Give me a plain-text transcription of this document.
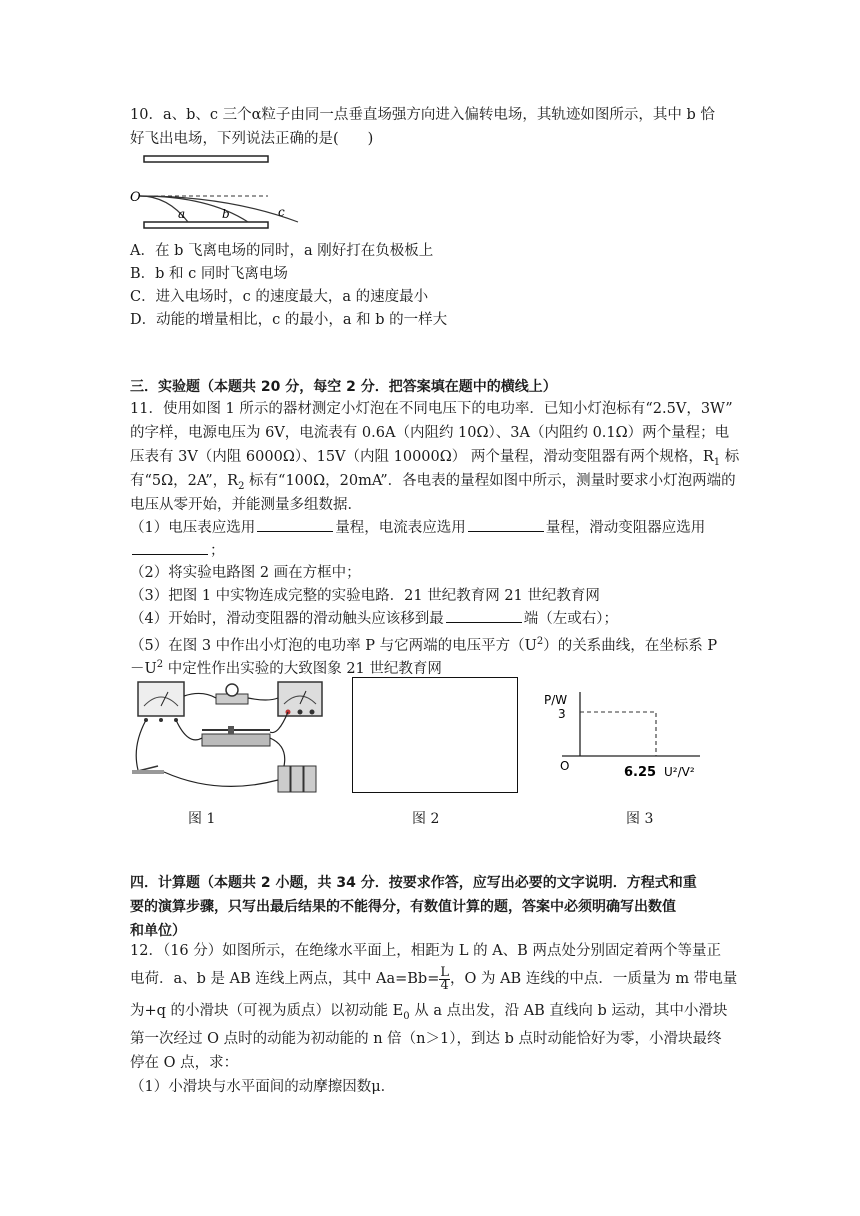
10．a、b、c 三个α粒子由同一点垂直场强方向进入偏转电场，其轨迹如图所示，其中 b 恰
好飞出电场，下列说法正确的是(　　)
O
a	b	c
A．在 b 飞离电场的同时，a 刚好打在负极板上
B．b 和 c 同时飞离电场
C．进入电场时，c 的速度最大，a 的速度最小
D．动能的增量相比，c 的最小，a 和 b 的一样大
三．实验题（本题共 20 分，每空 2 分．把答案填在题中的横线上）
11．使用如图 1 所示的器材测定小灯泡在不同电压下的电功率．已知小灯泡标有“2.5V，3W”
的字样，电源电压为 6V，电流表有 0.6A（内阻约 10Ω）、3A（内阻约 0.1Ω）两个量程；电
压表有 3V（内阻 6000Ω）、15V（内阻 10000Ω） 两个量程，滑动变阻器有两个规格，$R_1$ 标
有“5Ω，2A”，$R_2$ 标有“100Ω，20mA”．各电表的量程如图中所示，测量时要求小灯泡两端的
电压从零开始，并能测量多组数据．
（1）电压表应选用	量程，电流表应选用	量程，滑动变阻器应选用
；
（2）将实验电路图 2 画在方框中；
（3）把图 1 中实物连成完整的实验电路．21 世纪教育网 21 世纪教育网
（4）开始时，滑动变阻器的滑动触头应该移到最	端（左或右）；
（5）在图 3 中作出小灯泡的电功率 P 与它两端的电压平方$(U^2)$的关系曲线，在坐标系 P
$-U^2$ 中定性作出实验的大致图象 21 世纪教育网
P/W
3
O	6.25 U²/V²
图 1	图 2	图 3
四．计算题（本题共 2 小题，共 34 分．按要求作答，应写出必要的文字说明．方程式和重
要的演算步骤，只写出最后结果的不能得分，有数值计算的题，答案中必须明确写出数值
和单位）
12．（16 分）如图所示，在绝缘水平面上，相距为 L 的 A、B 两点处分别固定着两个等量正
电荷．a、b 是 AB 连线上两点，其中 $Aa=Bb= \frac{L}{4}$ ，O 为 AB 连线的中点．一质量为 m 带电量
为+q 的小滑块（可视为质点）以初动能 $E_0$ 从 a 点出发，沿 AB 直线向 b 运动，其中小滑块
第一次经过 O 点时的动能为初动能的 n 倍（n＞1），到达 b 点时动能恰好为零，小滑块最终
停在 O 点，求：
（1）小滑块与水平面间的动摩擦因数μ．
